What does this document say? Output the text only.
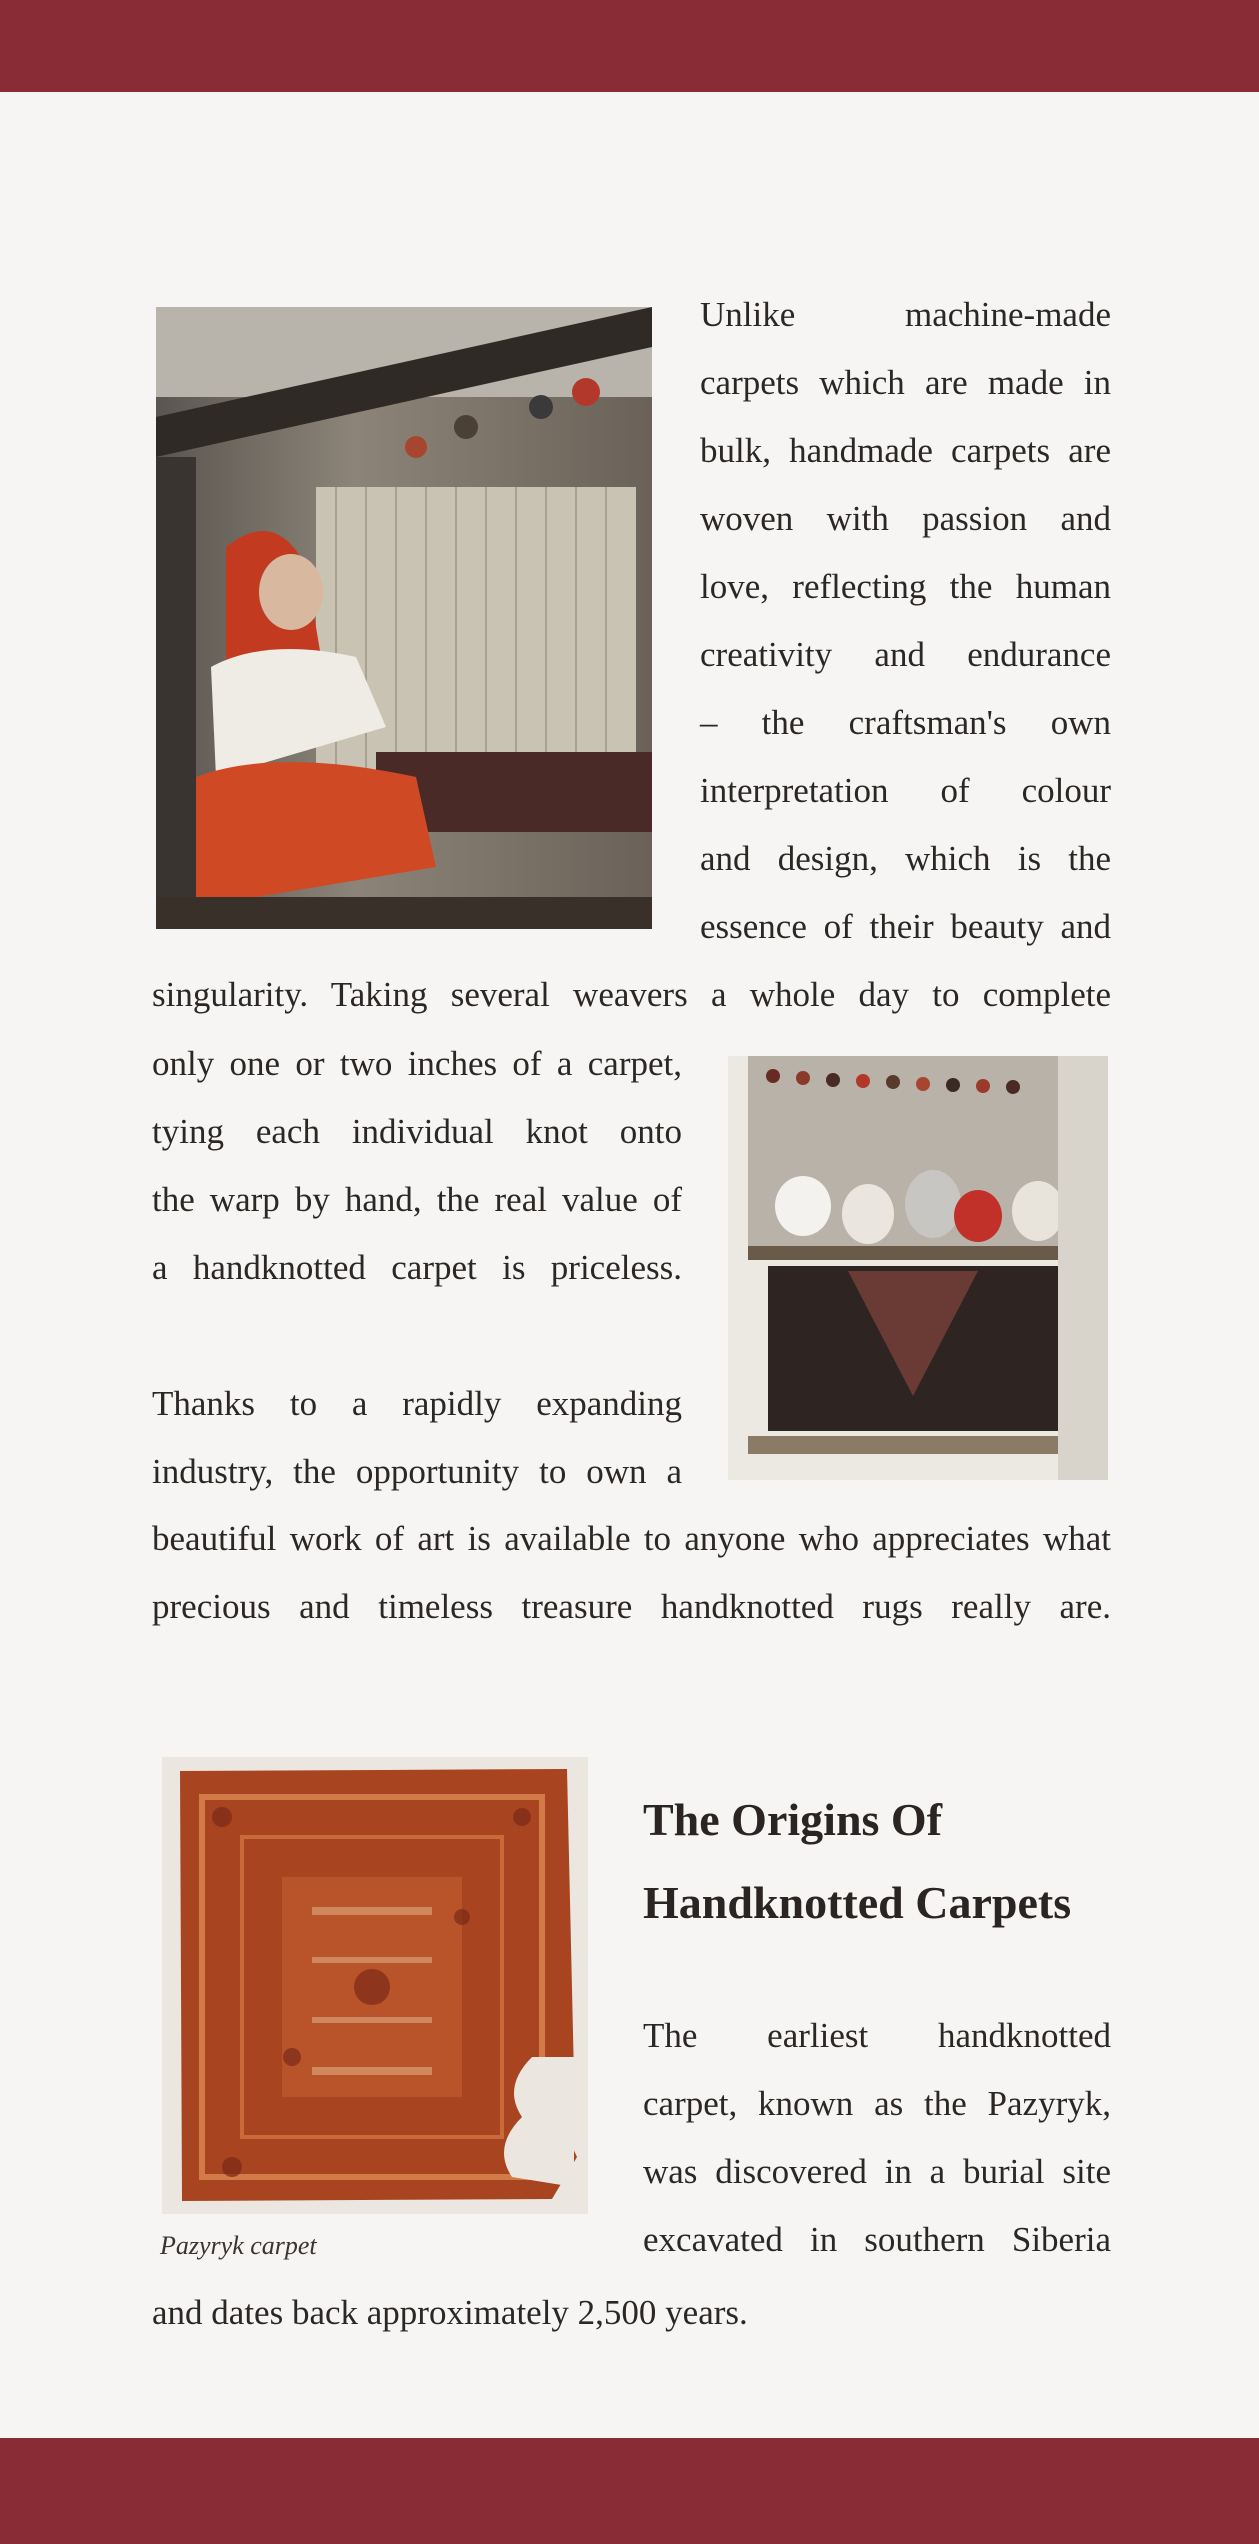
Unlike machine-made
carpets which are made in
bulk, handmade carpets are
woven with passion and
love, reflecting the human
creativity and endurance
– the craftsman's own
interpretation of colour
and design, which is the
essence of their beauty and
singularity. Taking several weavers a whole day to complete
only one or two inches of a carpet,
tying each individual knot onto
the warp by hand, the real value of
a handknotted carpet is priceless.
Thanks to a rapidly expanding
industry, the opportunity to own a
beautiful work of art is available to anyone who appreciates what
precious and timeless treasure handknotted rugs really are.
Pazyryk carpet
The Origins Of
Handknotted Carpets
The earliest handknotted
carpet, known as the Pazyryk,
was discovered in a burial site
excavated in southern Siberia
and dates back approximately 2,500 years.
